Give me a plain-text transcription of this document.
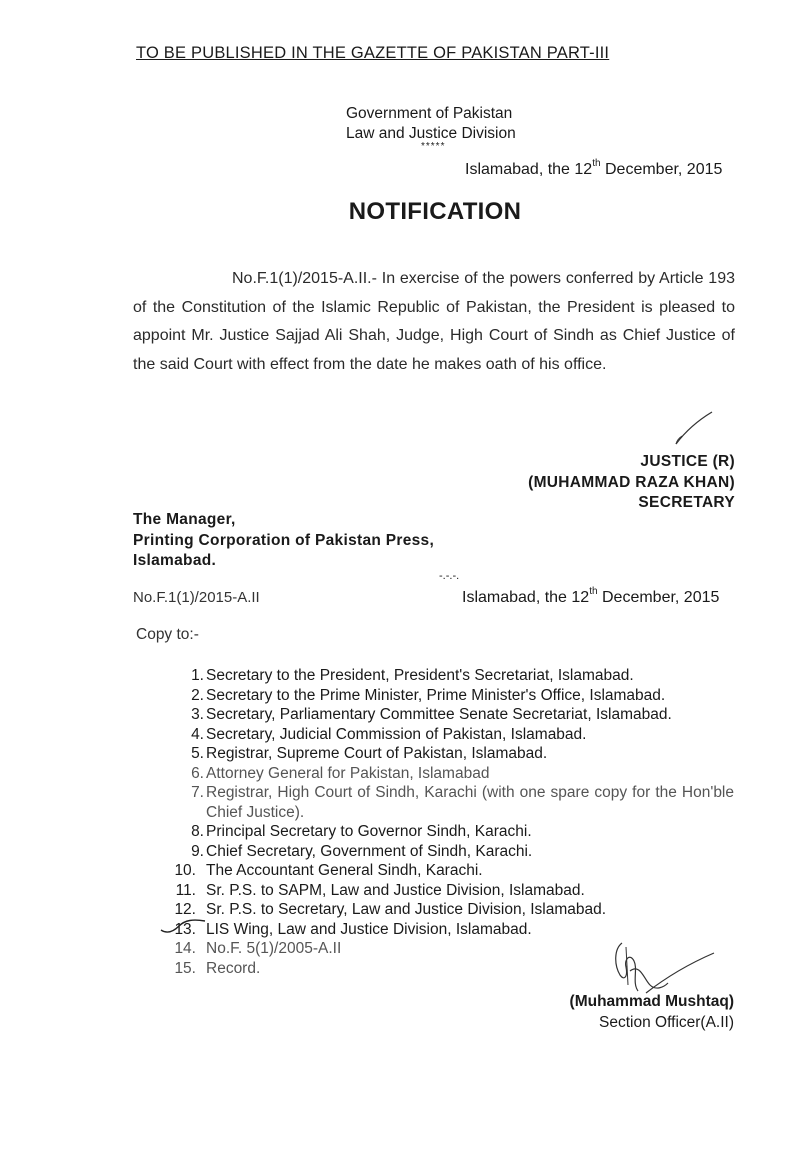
TO BE PUBLISHED IN THE GAZETTE OF PAKISTAN PART-III
Government of Pakistan
Law and Justice Division
*****
Islamabad, the 12th December, 2015
NOTIFICATION
No.F.1(1)/2015-A.II.- In exercise of the powers conferred by Article 193 of the Constitution of the Islamic Republic of Pakistan, the President is pleased to appoint Mr. Justice Sajjad Ali Shah, Judge, High Court of Sindh as Chief Justice of the said Court with effect from the date he makes oath of his office.
JUSTICE (R)
(MUHAMMAD RAZA KHAN)
SECRETARY
The Manager,
Printing Corporation of Pakistan Press,
Islamabad.
-.-.-.
No.F.1(1)/2015-A.II	Islamabad, the 12th December, 2015
Copy to:-
1. Secretary to the President, President's Secretariat, Islamabad.
2. Secretary to the Prime Minister, Prime Minister's Office, Islamabad.
3. Secretary, Parliamentary Committee Senate Secretariat, Islamabad.
4. Secretary, Judicial Commission of Pakistan, Islamabad.
5. Registrar, Supreme Court of Pakistan, Islamabad.
6. Attorney General for Pakistan, Islamabad
7. Registrar, High Court of Sindh, Karachi (with one spare copy for the Hon'ble Chief Justice).
8. Principal Secretary to Governor Sindh, Karachi.
9. Chief Secretary, Government of Sindh, Karachi.
10. The Accountant General Sindh, Karachi.
11. Sr. P.S. to SAPM, Law and Justice Division, Islamabad.
12. Sr. P.S. to Secretary, Law and Justice Division, Islamabad.
13. LIS Wing, Law and Justice Division, Islamabad.
14. No.F. 5(1)/2005-A.II
15. Record.
(Muhammad Mushtaq)
Section Officer(A.II)
